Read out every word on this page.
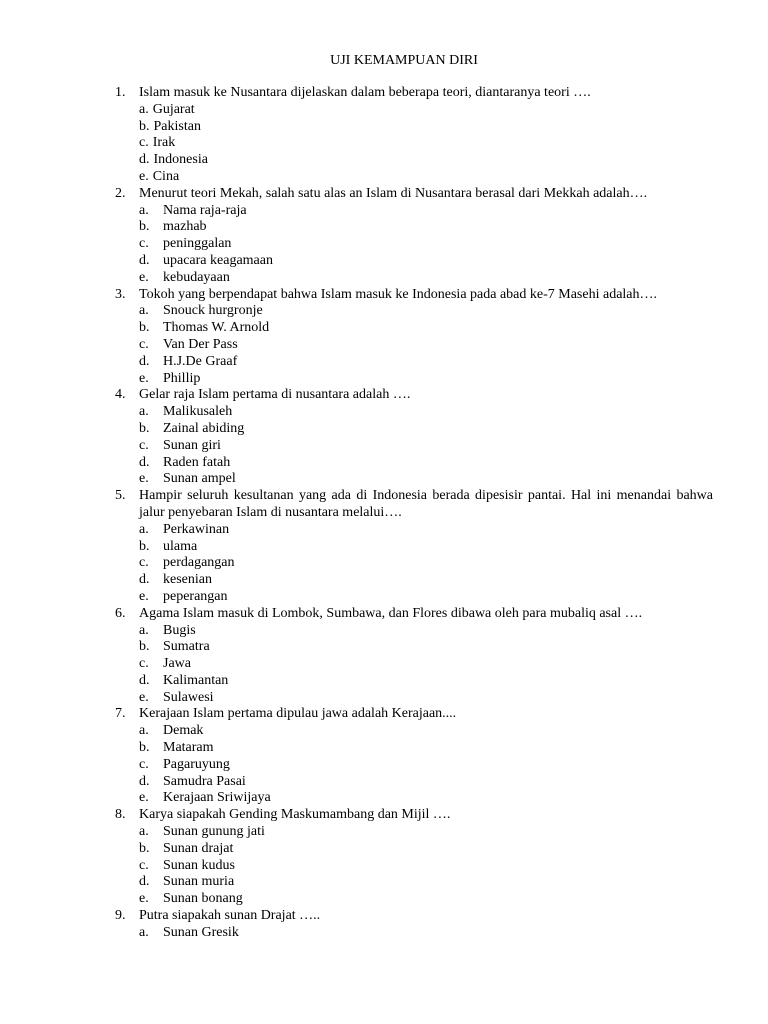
UJI KEMAMPUAN DIRI
1. Islam masuk ke Nusantara dijelaskan dalam beberapa teori, diantaranya teori ….
a. Gujarat
b. Pakistan
c. Irak
d. Indonesia
e. Cina
2. Menurut teori Mekah, salah satu alas an Islam di Nusantara berasal dari Mekkah adalah….
a.	Nama raja-raja
b. mazhab
c.	peninggalan
d. upacara keagamaan
e.	kebudayaan
3. Tokoh yang berpendapat bahwa Islam masuk ke Indonesia pada abad ke-7 Masehi adalah….
a.	Snouck hurgronje
b. Thomas W. Arnold
c.	Van Der Pass
d. H.J.De Graaf
e.	Phillip
4. Gelar raja Islam pertama di nusantara adalah ….
a.	Malikusaleh
b. Zainal abiding
c.	Sunan giri
d. Raden fatah
e.	Sunan ampel
5. Hampir seluruh kesultanan yang ada di Indonesia berada dipesisir pantai. Hal ini menandai bahwa jalur penyebaran Islam di nusantara melalui….
a.	Perkawinan
b. ulama
c.	perdagangan
d. kesenian
e.	peperangan
6. Agama Islam masuk di Lombok, Sumbawa, dan Flores dibawa oleh para mubaliq asal ….
a.	Bugis
b. Sumatra
c.	Jawa
d. Kalimantan
e.	Sulawesi
7. Kerajaan Islam pertama dipulau jawa adalah Kerajaan....
a.	Demak
b. Mataram
c.	Pagaruyung
d. Samudra Pasai
e.	Kerajaan Sriwijaya
8. Karya siapakah Gending Maskumambang dan Mijil ….
a.	Sunan gunung jati
b. Sunan drajat
c.	Sunan kudus
d. Sunan muria
e.	Sunan bonang
9. Putra siapakah sunan Drajat …..
a.	Sunan Gresik
